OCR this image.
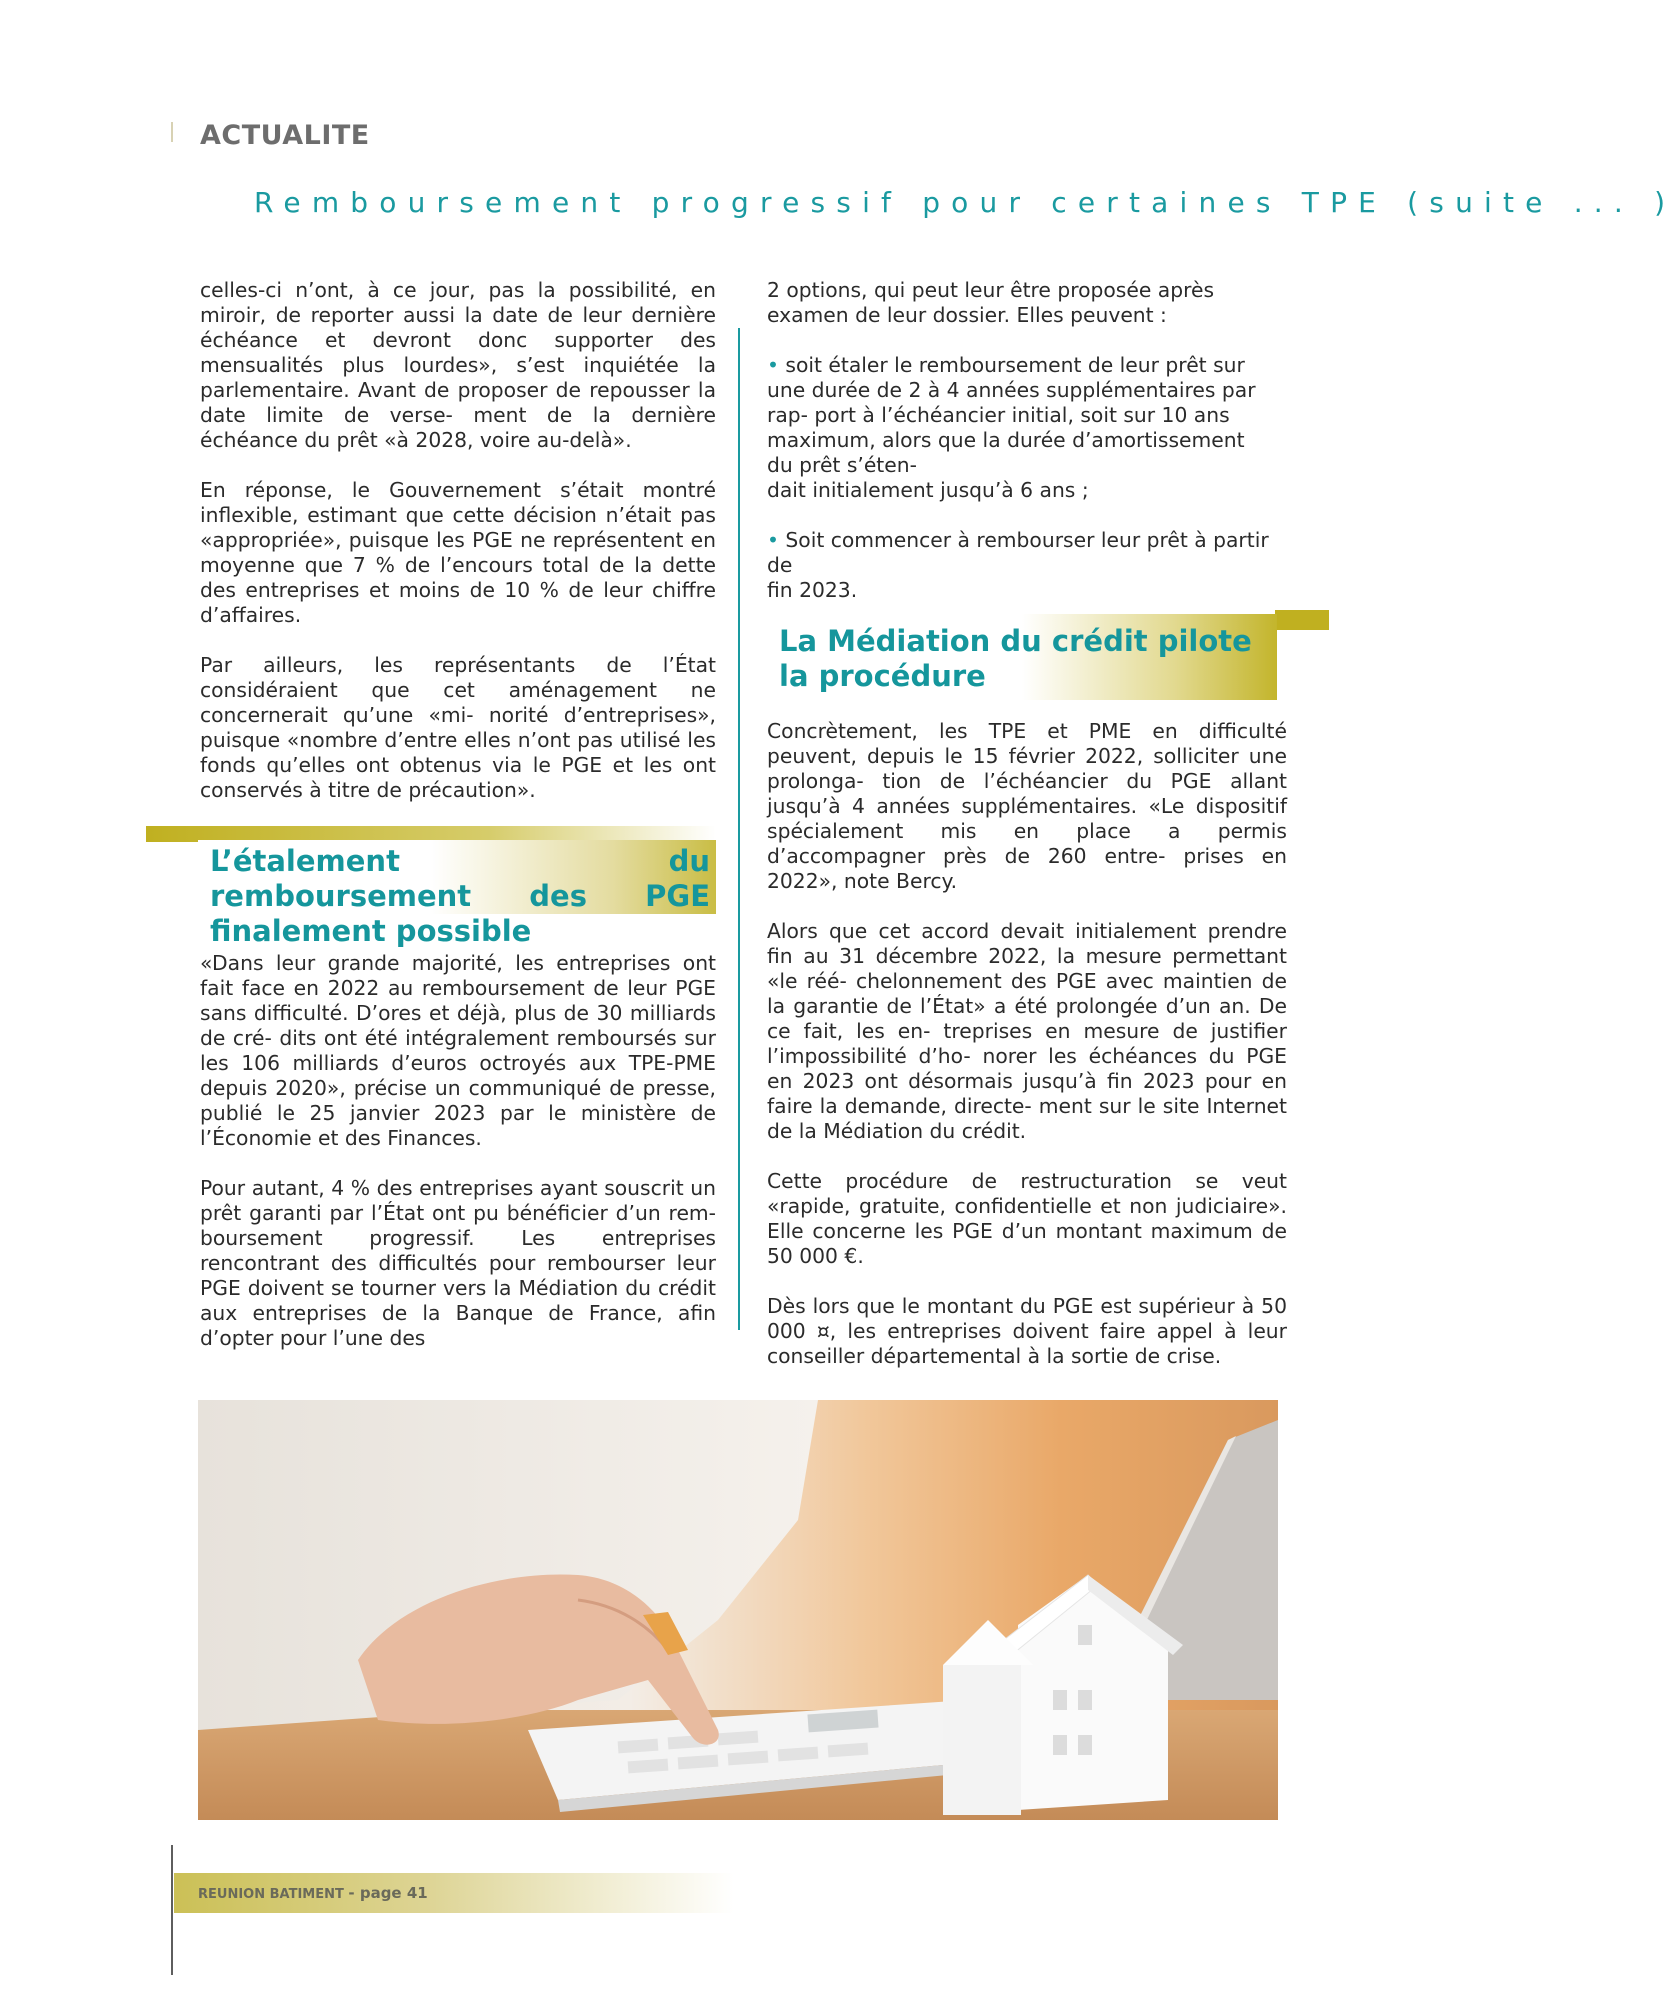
ACTUALITE
Remboursement progressif pour certaines TPE (suite ... )

celles-ci n’ont, à ce jour, pas la possibilité, en miroir, de reporter aussi la date de leur dernière échéance et devront donc supporter des mensualités plus lourdes», s’est inquiétée la parlementaire. Avant de proposer de repousser la date limite de verse- ment de la dernière échéance du prêt «à 2028, voire au-delà».

En réponse, le Gouvernement s’était montré inflexible, estimant que cette décision n’était pas «appropriée», puisque les PGE ne représentent en moyenne que 7 % de l’encours total de la dette des entreprises et moins de 10 % de leur chiffre d’affaires.

Par ailleurs, les représentants de l’État considéraient que cet aménagement ne concernerait qu’une «mi- norité d’entreprises», puisque «nombre d’entre elles n’ont pas utilisé les fonds qu’elles ont obtenus via le PGE et les ont conservés à titre de précaution».

«Dans leur grande majorité, les entreprises ont fait face en 2022 au remboursement de leur PGE sans difficulté. D’ores et déjà, plus de 30 milliards de cré- dits ont été intégralement remboursés sur les 106 milliards d’euros octroyés aux TPE-PME depuis 2020», précise un communiqué de presse, publié le 25 janvier 2023 par le ministère de l’Économie et des Finances.

Pour autant, 4 % des entreprises ayant souscrit un prêt garanti par l’État ont pu bénéficier d’un rem- boursement progressif. Les entreprises rencontrant des difficultés pour rembourser leur PGE doivent se tourner vers la Médiation du crédit aux entreprises de la Banque de France, afin d’opter pour l’une des

L’étalement du remboursement des PGE finalement possible

2 options, qui peut leur être proposée après examen de leur dossier. Elles peuvent :

• soit étaler le remboursement de leur prêt sur
une durée de 2 à 4 années supplémentaires par
rap- port à l’échéancier initial, soit sur 10 ans
maximum, alors que la durée d’amortissement
du prêt s’éten-
dait initialement jusqu’à 6 ans ;
• Soit commencer à rembourser leur prêt à partir
de
fin 2023.

Concrètement, les TPE et PME en difficulté peuvent, depuis le 15 février 2022, solliciter une prolonga- tion de l’échéancier du PGE allant jusqu’à 4 années supplémentaires. «Le dispositif spécialement mis en place a permis d’accompagner près de 260 entre- prises en 2022», note Bercy.

Alors que cet accord devait initialement prendre fin au 31 décembre 2022, la mesure permettant «le réé- chelonnement des PGE avec maintien de la garantie de l’État» a été prolongée d’un an. De ce fait, les en- treprises en mesure de justifier l’impossibilité d’ho- norer les échéances du PGE en 2023 ont désormais jusqu’à fin 2023 pour en faire la demande, directe- ment sur le site Internet de la Médiation du crédit.

Cette procédure de restructuration se veut «rapide, gratuite, confidentielle et non judiciaire». Elle concerne les PGE d’un montant maximum de 50 000 €.

Dès lors que le montant du PGE est supérieur à 50 000 ¤, les entreprises doivent faire appel à leur conseiller départemental à la sortie de crise.

La Médiation du crédit pilote la procédure
REUNION BATIMENT - page 41
